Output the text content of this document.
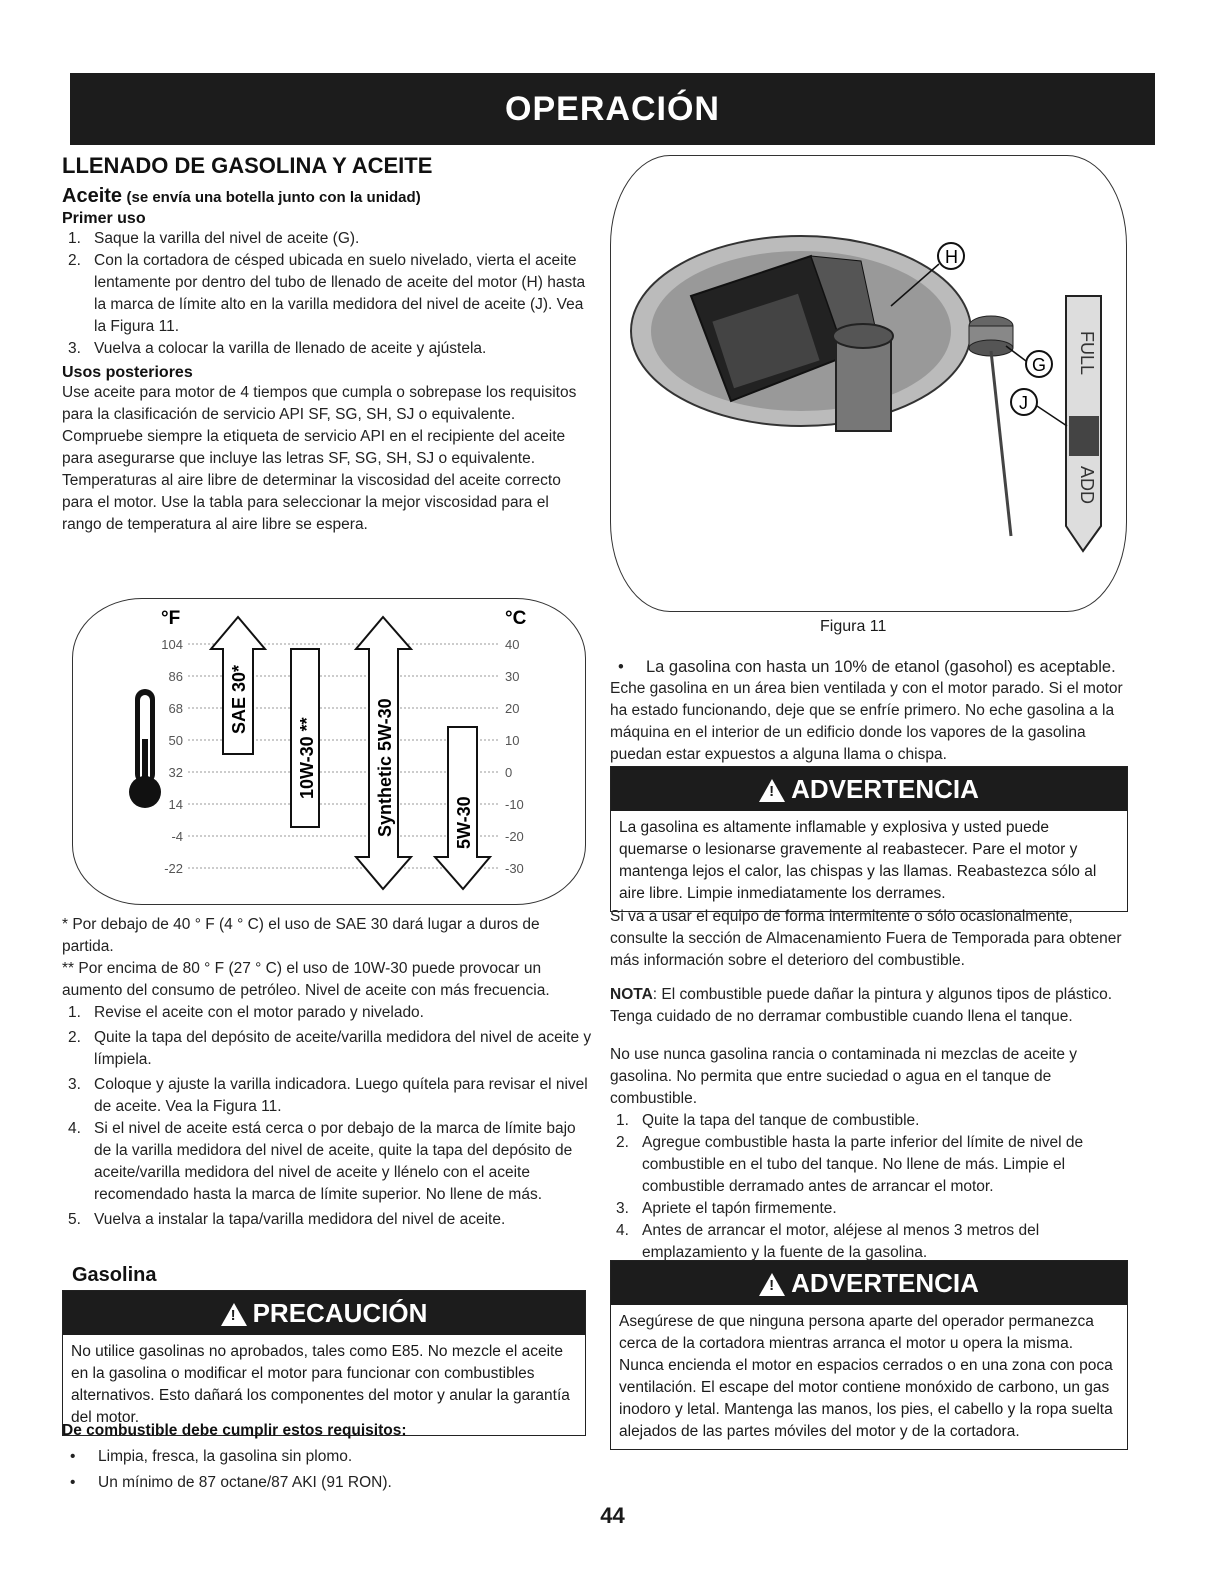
OPERACIÓN
LLENADO DE GASOLINA Y ACEITE
Aceite (se envía una botella junto con la unidad)
Primer uso
1. Saque la varilla del nivel de aceite (G).
2. Con la cortadora de césped ubicada en suelo nivelado, vierta el aceite lentamente por dentro del tubo de llenado de aceite del motor (H) hasta la marca de límite alto en la varilla medidora del nivel de aceite (J). Vea la Figura 11.
3. Vuelva a colocar la varilla de llenado de aceite y ajústela.
Usos posteriores
Use aceite para motor de 4 tiempos que cumpla o sobrepase los requisitos para la clasificación de servicio API SF, SG, SH, SJ o equivalente.
Compruebe siempre la etiqueta de servicio API en el recipiente del aceite para asegurarse que incluye las letras SF, SG, SH, SJ o equivalente.
Temperaturas al aire libre de determinar la viscosidad del aceite correcto para el motor. Use la tabla para seleccionar la mejor viscosidad para el rango de temperatura al aire libre se espera.
°F	°C
104
86
68
50
32
14
-4
-22
40
30
20
10
0
-10
-20
-30
SAE 30*
10W-30 **	Synthetic 5W-30	5W-30
* Por debajo de 40 ° F (4 ° C) el uso de SAE 30 dará lugar a duros de partida.
** Por encima de 80 ° F (27 ° C) el uso de 10W-30 puede provocar un aumento del consumo de petróleo. Nivel de aceite con más frecuencia.
1. Revise el aceite con el motor parado y nivelado.
2. Quite la tapa del depósito de aceite/varilla medidora del nivel de aceite y límpiela.
3. Coloque y ajuste la varilla indicadora. Luego quítela para revisar el nivel de aceite. Vea la Figura 11.
4. Si el nivel de aceite está cerca o por debajo de la marca de límite bajo de la varilla medidora del nivel de aceite, quite la tapa del depósito de aceite/varilla medidora del nivel de aceite y llénelo con el aceite recomendado hasta la marca de límite superior. No llene de más.
5. Vuelva a instalar la tapa/varilla medidora del nivel de aceite.
Gasolina
!
PRECAUCIÓN
No utilice gasolinas no aprobados, tales como E85. No mezcle el aceite en la gasolina o modificar el motor para funcionar con combustibles alternativos. Esto dañará los componentes del motor y anular la garantía del motor.
De combustible debe cumplir estos requisitos:
• Limpia, fresca, la gasolina sin plomo.
• Un mínimo de 87 octane/87 AKI (91 RON).
FULL
ADD
H
G
J
Figura 11
• La gasolina con hasta un 10% de etanol (gasohol) es aceptable.
Eche gasolina en un área bien ventilada y con el motor parado. Si el motor ha estado funcionando, deje que se enfríe primero. No eche gasolina a la máquina en el interior de un edificio donde los vapores de la gasolina puedan estar expuestos a alguna llama o chispa.
!
ADVERTENCIA
La gasolina es altamente inflamable y explosiva y usted puede quemarse o lesionarse gravemente al reabastecer. Pare el motor y mantenga lejos el calor, las chispas y las llamas. Reabastezca sólo al aire libre. Limpie inmediatamente los derrames.
Si va a usar el equipo de forma intermitente o sólo ocasionalmente, consulte la sección de Almacenamiento Fuera de Temporada para obtener más información sobre el deterioro del combustible.
NOTA: El combustible puede dañar la pintura y algunos tipos de plástico. Tenga cuidado de no derramar combustible cuando llena el tanque.
No use nunca gasolina rancia o contaminada ni mezclas de aceite y gasolina. No permita que entre suciedad o agua en el tanque de combustible.
1. Quite la tapa del tanque de combustible.
2. Agregue combustible hasta la parte inferior del límite de nivel de combustible en el tubo del tanque. No llene de más. Limpie el combustible derramado antes de arrancar el motor.
3. Apriete el tapón firmemente.
4. Antes de arrancar el motor, aléjese al menos 3 metros del emplazamiento y la fuente de la gasolina.
!
ADVERTENCIA
Asegúrese de que ninguna persona aparte del operador permanezca cerca de la cortadora mientras arranca el motor u opera la misma. Nunca encienda el motor en espacios cerrados o en una zona con poca ventilación. El escape del motor contiene monóxido de carbono, un gas inodoro y letal. Mantenga las manos, los pies, el cabello y la ropa suelta alejados de las partes móviles del motor y de la cortadora.
44
